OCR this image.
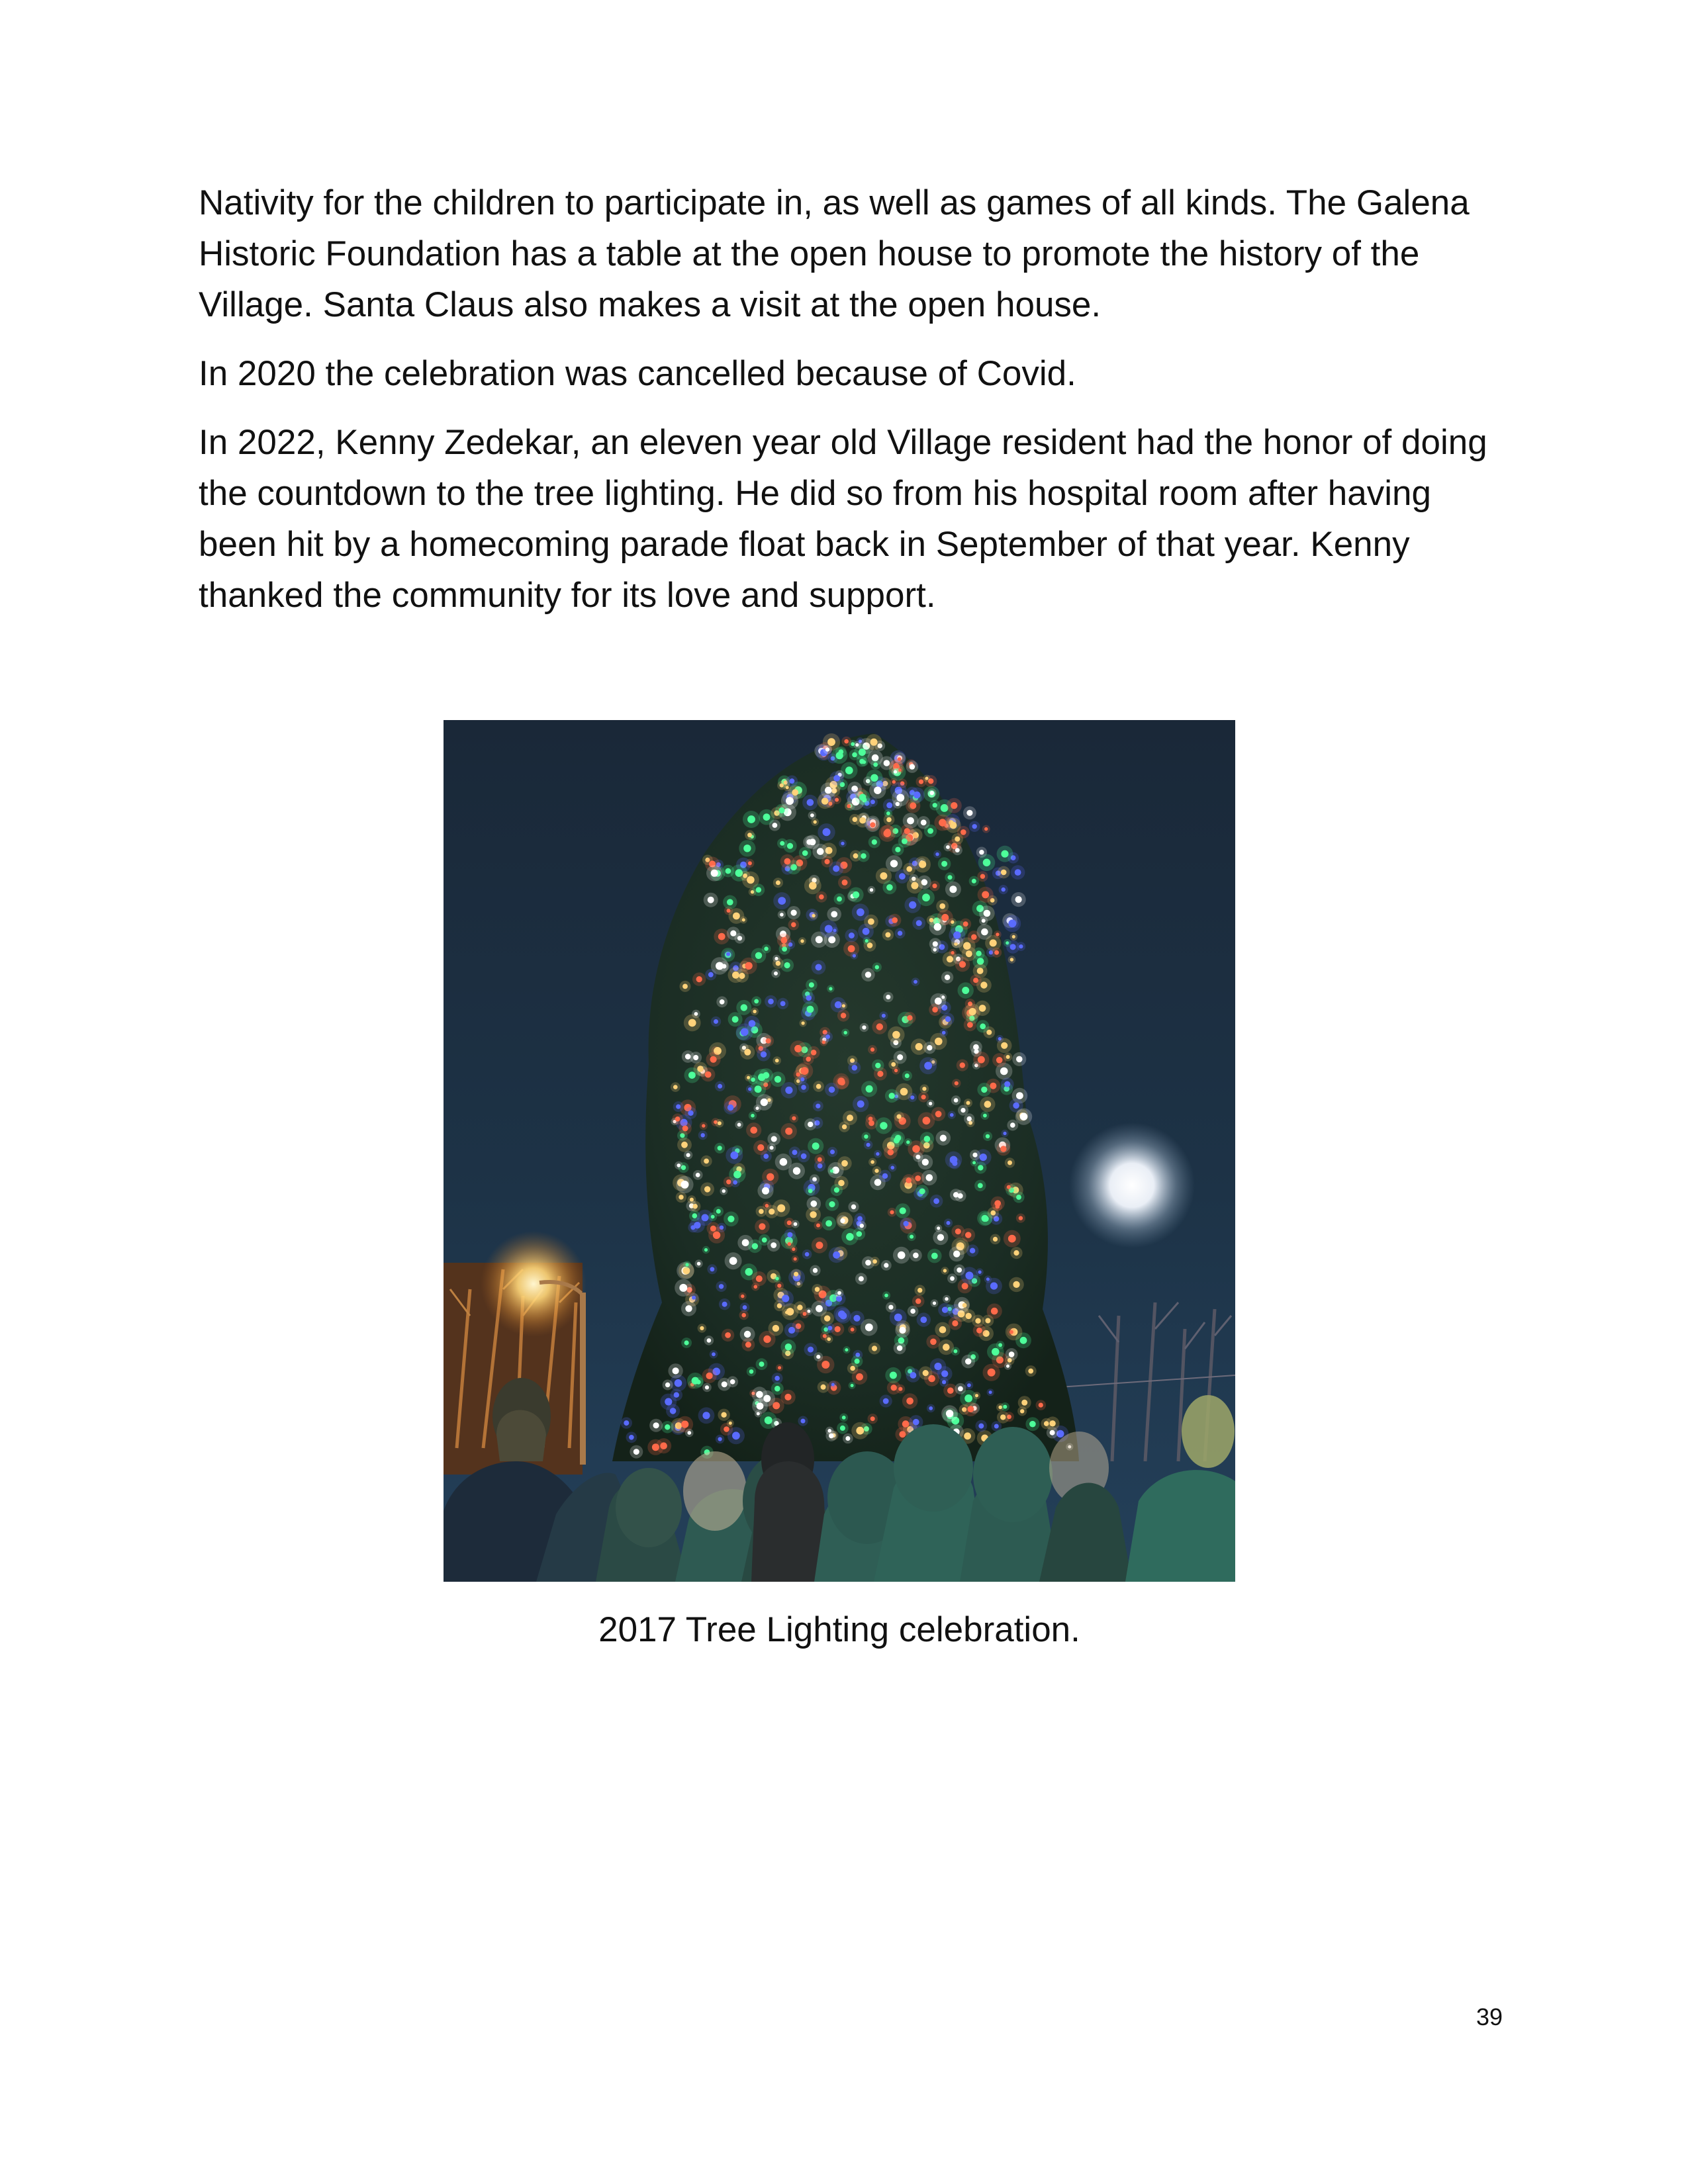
Nativity for the children to participate in, as well as games of all kinds. The Galena Historic Foundation has a table at the open house to promote the history of the Village. Santa Claus also makes a visit at the open house.

In 2020 the celebration was cancelled because of Covid.

In 2022, Kenny Zedekar, an eleven year old Village resident had the honor of doing the countdown to the tree lighting. He did so from his hospital room after having been hit by a homecoming parade float back in September of that year. Kenny thanked the community for its love and support.

2017 Tree Lighting celebration.
39
